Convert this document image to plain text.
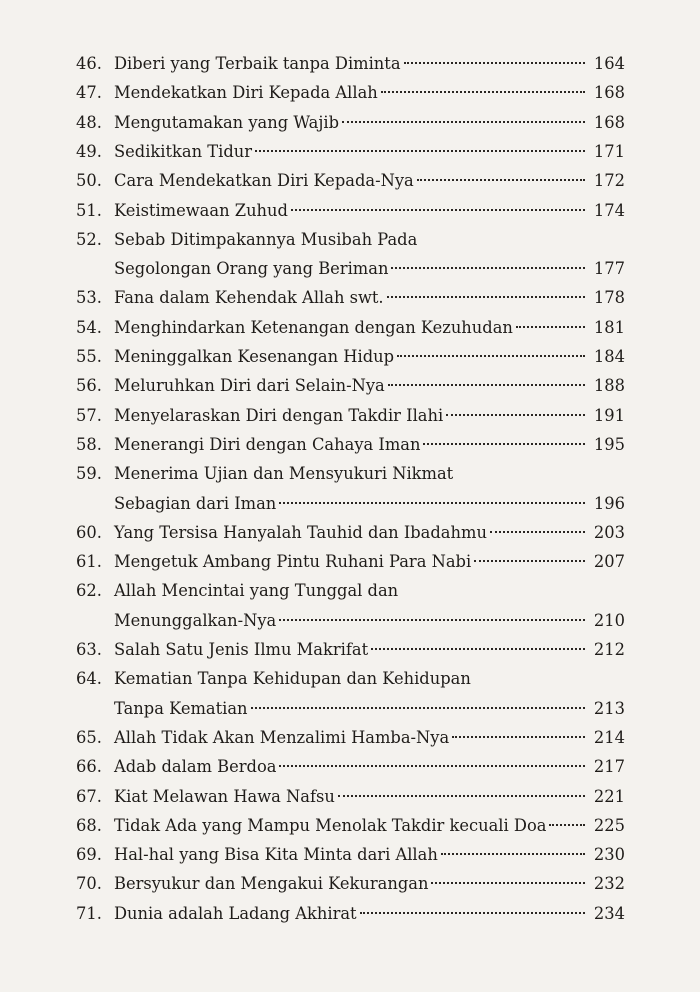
46. Diberi yang Terbaik tanpa Diminta	164
47. Mendekatkan Diri Kepada Allah	168
48. Mengutamakan yang Wajib	168
49. Sedikitkan Tidur	171
50. Cara Mendekatkan Diri Kepada-Nya	172
51. Keistimewaan Zuhud	174
52. Sebab Ditimpakannya Musibah Pada
Segolongan Orang yang Beriman	177
53. Fana dalam Kehendak Allah swt.	178
54. Menghindarkan Ketenangan dengan Kezuhudan	181
55. Meninggalkan Kesenangan Hidup	184
56. Meluruhkan Diri dari Selain-Nya	188
57. Menyelaraskan Diri dengan Takdir Ilahi	191
58. Menerangi Diri dengan Cahaya Iman	195
59. Menerima Ujian dan Mensyukuri Nikmat
Sebagian dari Iman	196
60. Yang Tersisa Hanyalah Tauhid dan Ibadahmu	203
61. Mengetuk Ambang Pintu Ruhani Para Nabi	207
62. Allah Mencintai yang Tunggal dan
Menunggalkan-Nya	210
63. Salah Satu Jenis Ilmu Makrifat	212
64. Kematian Tanpa Kehidupan dan Kehidupan
Tanpa Kematian	213
65. Allah Tidak Akan Menzalimi Hamba-Nya	214
66. Adab dalam Berdoa	217
67. Kiat Melawan Hawa Nafsu	221
68. Tidak Ada yang Mampu Menolak Takdir kecuali Doa	225
69. Hal-hal yang Bisa Kita Minta dari Allah	230
70. Bersyukur dan Mengakui Kekurangan	232
71. Dunia adalah Ladang Akhirat	234
